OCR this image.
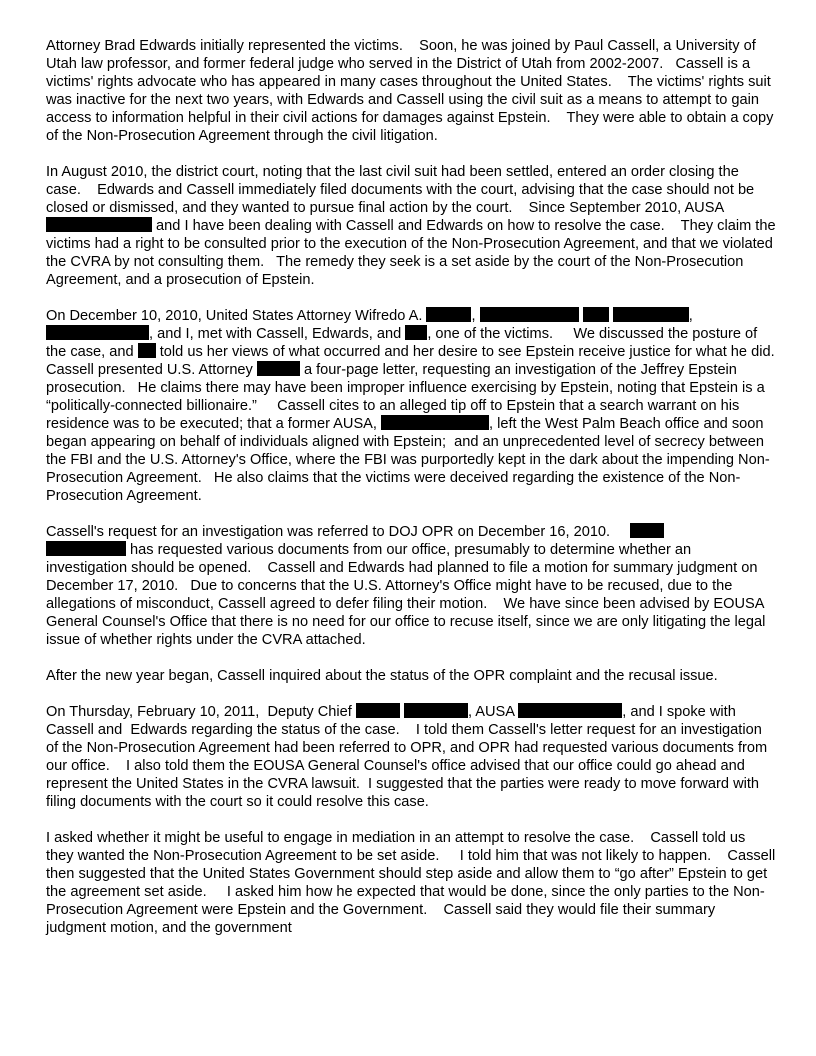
Attorney Brad Edwards initially represented the victims.    Soon, he was joined by Paul Cassell, a University of Utah law professor, and former federal judge who served in the District of Utah from 2002-2007.   Cassell is a victims' rights advocate who has appeared in many cases throughout the United States.    The victims' rights suit was inactive for the next two years, with Edwards and Cassell using the civil suit as a means to attempt to gain access to information helpful in their civil actions for damages against Epstein.    They were able to obtain a copy of the Non-Prosecution Agreement through the civil litigation.

In August 2010, the district court, noting that the last civil suit had been settled, entered an order closing the case.    Edwards and Cassell immediately filed documents with the court, advising that the case should not be closed or dismissed, and they wanted to pursue final action by the court.    Since September 2010, AUSA  and I have been dealing with Cassell and Edwards on how to resolve the case.    They claim the victims had a right to be consulted prior to the execution of the Non-Prosecution Agreement, and that we violated the CVRA by not consulting them.   The remedy they seek is a set aside by the court of the Non-Prosecution Agreement, and a prosecution of Epstein.

On December 10, 2010, United States Attorney Wifredo A.	,	,
, and I, met with Cassell, Edwards, and , one of the victims.     We discussed the posture of the case, and  told us her views of what occurred and her desire to see Epstein receive justice for what he did.  Cassell presented U.S. Attorney	a four-page letter, requesting an investigation of the Jeffrey Epstein prosecution.   He claims there may have been improper influence exercising by Epstein, noting that Epstein is a “politically-connected billionaire.”     Cassell cites to an alleged tip off to Epstein that a search warrant on his residence was to be executed; that a former AUSA,	, left the West Palm Beach office and soon began appearing on behalf of individuals aligned with Epstein;  and an unprecedented level of secrecy between the FBI and the U.S. Attorney's Office, where the FBI was purportedly kept in the dark about the impending Non-Prosecution Agreement.   He also claims that the victims were deceived regarding the existence of the Non-Prosecution Agreement.

Cassell's request for an investigation was referred to DOJ OPR on December 16, 2010.
has requested various documents from our office, presumably to determine whether an investigation should be opened.    Cassell and Edwards had planned to file a motion for summary judgment on December 17, 2010.   Due to concerns that the U.S. Attorney's Office might have to be recused, due to the allegations of misconduct, Cassell agreed to defer filing their motion.    We have since been advised by EOUSA General Counsel's Office that there is no need for our office to recuse itself, since we are only litigating the legal issue of whether rights under the CVRA attached.

After the new year began, Cassell inquired about the status of the OPR complaint and the recusal issue.

On Thursday, February 10, 2011,  Deputy Chief	, AUSA	, and I spoke with Cassell and  Edwards regarding the status of the case.    I told them Cassell's letter request for an investigation of the Non-Prosecution Agreement had been referred to OPR, and OPR had requested various documents from our office.    I also told them the EOUSA General Counsel's office advised that our office could go ahead and represent the United States in the CVRA lawsuit.  I suggested that the parties were ready to move forward with filing documents with the court so it could resolve this case.

I asked whether it might be useful to engage in mediation in an attempt to resolve the case.    Cassell told us they wanted the Non-Prosecution Agreement to be set aside.     I told him that was not likely to happen.    Cassell then suggested that the United States Government should step aside and allow them to “go after” Epstein to get the agreement set aside.     I asked him how he expected that would be done, since the only parties to the Non-Prosecution Agreement were Epstein and the Government.    Cassell said they would file their summary judgment motion, and the government
